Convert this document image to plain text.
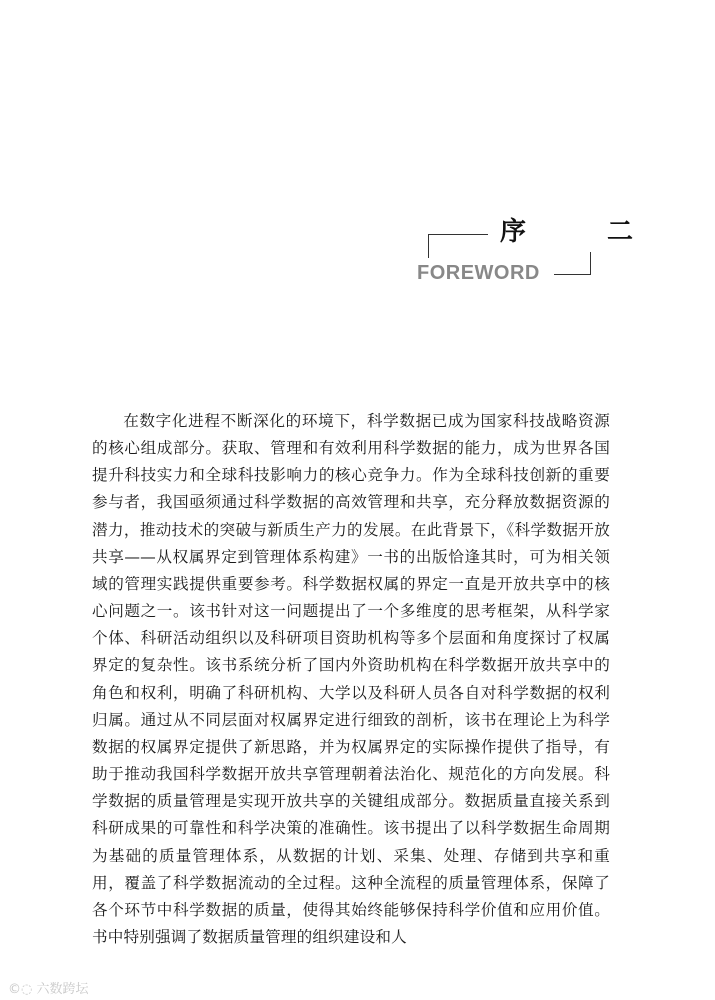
序 二
FOREWORD

在数字化进程不断深化的环境下，科学数据已成为国家科技战略资源的核心组成部分。获取、管理和有效利用科学数据的能力，成为世界各国提升科技实力和全球科技影响力的核心竞争力。作为全球科技创新的重要参与者，我国亟须通过科学数据的高效管理和共享，充分释放数据资源的潜力，推动技术的突破与新质生产力的发展。在此背景下，《科学数据开放共享——从权属界定到管理体系构建》一书的出版恰逢其时，可为相关领域的管理实践提供重要参考。科学数据权属的界定一直是开放共享中的核心问题之一。该书针对这一问题提出了一个多维度的思考框架，从科学家个体、科研活动组织以及科研项目资助机构等多个层面和角度探讨了权属界定的复杂性。该书系统分析了国内外资助机构在科学数据开放共享中的角色和权利，明确了科研机构、大学以及科研人员各自对科学数据的权利归属。通过从不同层面对权属界定进行细致的剖析，该书在理论上为科学数据的权属界定提供了新思路，并为权属界定的实际操作提供了指导，有助于推动我国科学数据开放共享管理朝着法治化、规范化的方向发展。科学数据的质量管理是实现开放共享的关键组成部分。数据质量直接关系到科研成果的可靠性和科学决策的准确性。该书提出了以科学数据生命周期为基础的质量管理体系，从数据的计划、采集、处理、存储到共享和重用，覆盖了科学数据流动的全过程。这种全流程的质量管理体系，保障了各个环节中科学数据的质量，使得其始终能够保持科学价值和应用价值。书中特别强调了数据质量管理的组织建设和人

©◌ 六数跨坛
